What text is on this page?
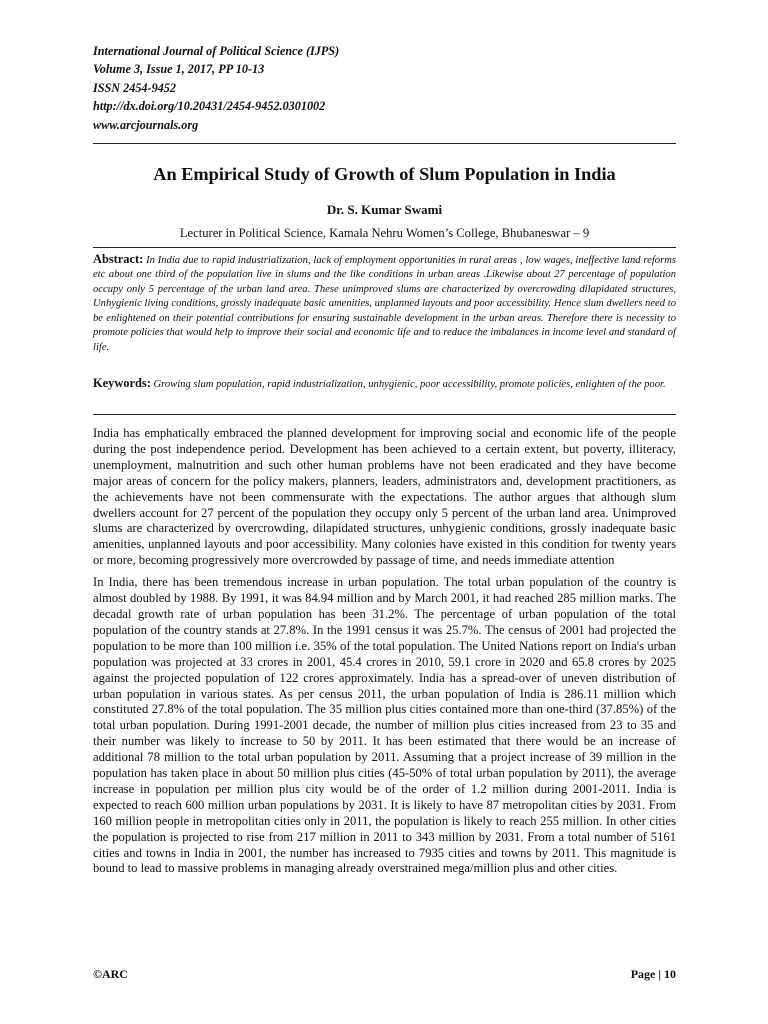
International Journal of Political Science (IJPS)
Volume 3, Issue 1, 2017, PP 10-13
ISSN 2454-9452
http://dx.doi.org/10.20431/2454-9452.0301002
www.arcjournals.org
An Empirical Study of Growth of Slum Population in India
Dr. S. Kumar Swami
Lecturer in Political Science, Kamala Nehru Women’s College, Bhubaneswar – 9
Abstract: In India due to rapid industrialization, lack of employment opportunities in rural areas , low wages, ineffective land reforms etc about one third of the population live in slums and the like conditions in urban areas .Likewise about 27 percentage of population occupy only 5 percentage of the urban land area. These unimproved slums are characterized by overcrowding dilapidated structures, Unhygienic living conditions, grossly inadequate basic amenities, unplanned layouts and poor accessibility. Hence slum dwellers need to be enlightened on their potential contributions for ensuring sustainable development in the urban areas. Therefore there is necessity to promote policies that would help to improve their social and economic life and to reduce the imbalances in income level and standard of life.
Keywords: Growing slum population, rapid industrialization, unhygienic, poor accessibility, promote policies, enlighten of the poor.

India has emphatically embraced the planned development for improving social and economic life of the people during the post independence period. Development has been achieved to a certain extent, but poverty, illiteracy, unemployment, malnutrition and such other human problems have not been eradicated and they have become major areas of concern for the policy makers, planners, leaders, administrators and, development practitioners, as the achievements have not been commensurate with the expectations. The author argues that although slum dwellers account for 27 percent of the population they occupy only 5 percent of the urban land area. Unimproved slums are characterized by overcrowding, dilapidated structures, unhygienic conditions, grossly inadequate basic amenities, unplanned layouts and poor accessibility. Many colonies have existed in this condition for twenty years or more, becoming progressively more overcrowded by passage of time, and needs immediate attention

In India, there has been tremendous increase in urban population. The total urban population of the country is almost doubled by 1988. By 1991, it was 84.94 million and by March 2001, it had reached 285 million marks. The decadal growth rate of urban population has been 31.2%. The percentage of urban population of the total population of the country stands at 27.8%. In the 1991 census it was 25.7%. The census of 2001 had projected the population to be more than 100 million i.e. 35% of the total population. The United Nations report on India's urban population was projected at 33 crores in 2001, 45.4 crores in 2010, 59.1 crore in 2020 and 65.8 crores by 2025 against the projected population of 122 crores approximately. India has a spread-over of uneven distribution of urban population in various states. As per census 2011, the urban population of India is 286.11 million which constituted 27.8% of the total population. The 35 million plus cities contained more than one-third (37.85%) of the total urban population. During 1991-2001 decade, the number of million plus cities increased from 23 to 35 and their number was likely to increase to 50 by 2011. It has been estimated that there would be an increase of additional 78 million to the total urban population by 2011. Assuming that a project increase of 39 million in the population has taken place in about 50 million plus cities (45-50% of total urban population by 2011), the average increase in population per million plus city would be of the order of 1.2 million during 2001-2011. India is expected to reach 600 million urban populations by 2031. It is likely to have 87 metropolitan cities by 2031. From 160 million people in metropolitan cities only in 2011, the population is likely to reach 255 million. In other cities the population is projected to rise from 217 million in 2011 to 343 million by 2031. From a total number of 5161 cities and towns in India in 2001, the number has increased to 7935 cities and towns by 2011. This magnitude is bound to lead to massive problems in managing already overstrained mega/million plus and other cities.

©ARC	Page | 10
